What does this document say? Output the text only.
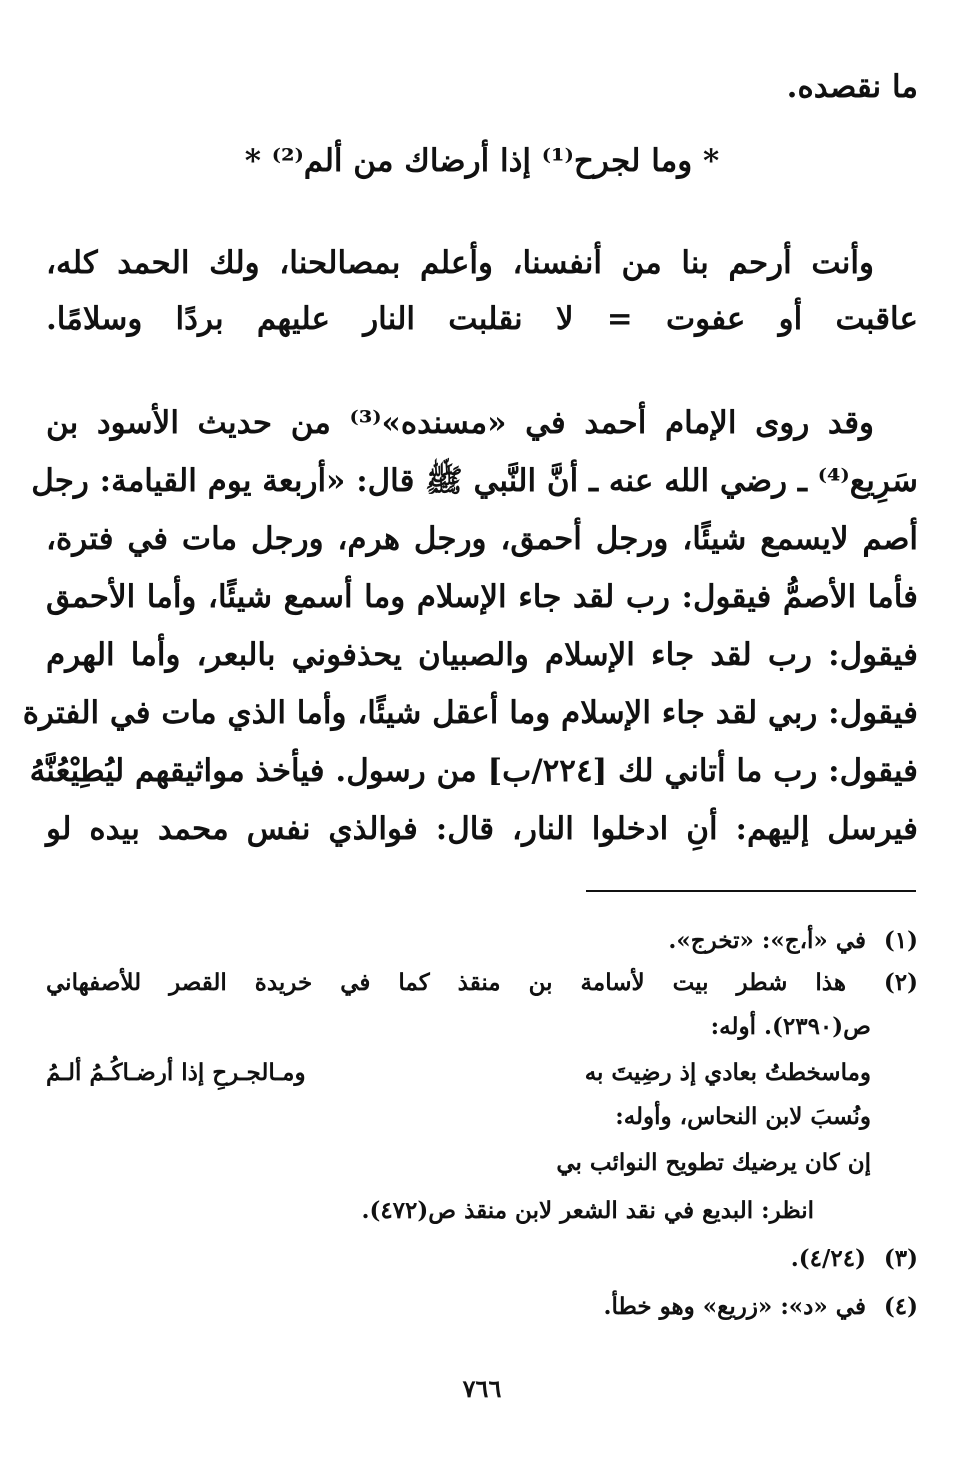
ما نقصده.
* وما لجرح⁽¹⁾ إذا أرضاك من ألم⁽²⁾ *
وأنت أرحم بنا من أنفسنا، وأعلم بمصالحنا، ولك الحمد كله،
عاقبت أو عفوت = لا نقلبت النار عليهم بردًا وسلامًا.
وقد روى الإمام أحمد في «مسنده»⁽³⁾ من حديث الأسود بن
سَرِيع⁽⁴⁾ ـ رضي الله عنه ـ أنَّ النَّبي ﷺ قال: «أربعة يوم القيامة: رجل
أصم لايسمع شيئًا، ورجل أحمق، ورجل هرم، ورجل مات في فترة،
فأما الأصمُّ فيقول: رب لقد جاء الإسلام وما أسمع شيئًا، وأما الأحمق
فيقول: رب لقد جاء الإسلام والصبيان يحذفوني بالبعر، وأما الهرم
فيقول: ربي لقد جاء الإسلام وما أعقل شيئًا، وأما الذي مات في الفترة
فيقول: رب ما أتاني لك [٢٢٤/ب] من رسول. فيأخذ مواثيقهم ليُطِيْعُنَّهُ
فيرسل إليهم: أنِ ادخلوا النار، قال: فوالذي نفس محمد بيده لو
(١) في «أ،ج»: «تخرج».
(٢) هذا شطر بيت لأسامة بن منقذ كما في خريدة القصر للأصفهاني
ص(٢٣٩٠). أوله:
وماسخطتُ بعادي إذ رضِيتَ به
ومـالجـرحِ إذا أرضـاكُـمُ ألـمُ
ونُسبَ لابن النحاس، وأوله:
إن كان يرضيك تطويح النوائب بي
انظر: البديع في نقد الشعر لابن منقذ ص(٤٧٢).
(٣) (٤/٢٤).
(٤) في «د»: «زريع» وهو خطأ.
٧٦٦
